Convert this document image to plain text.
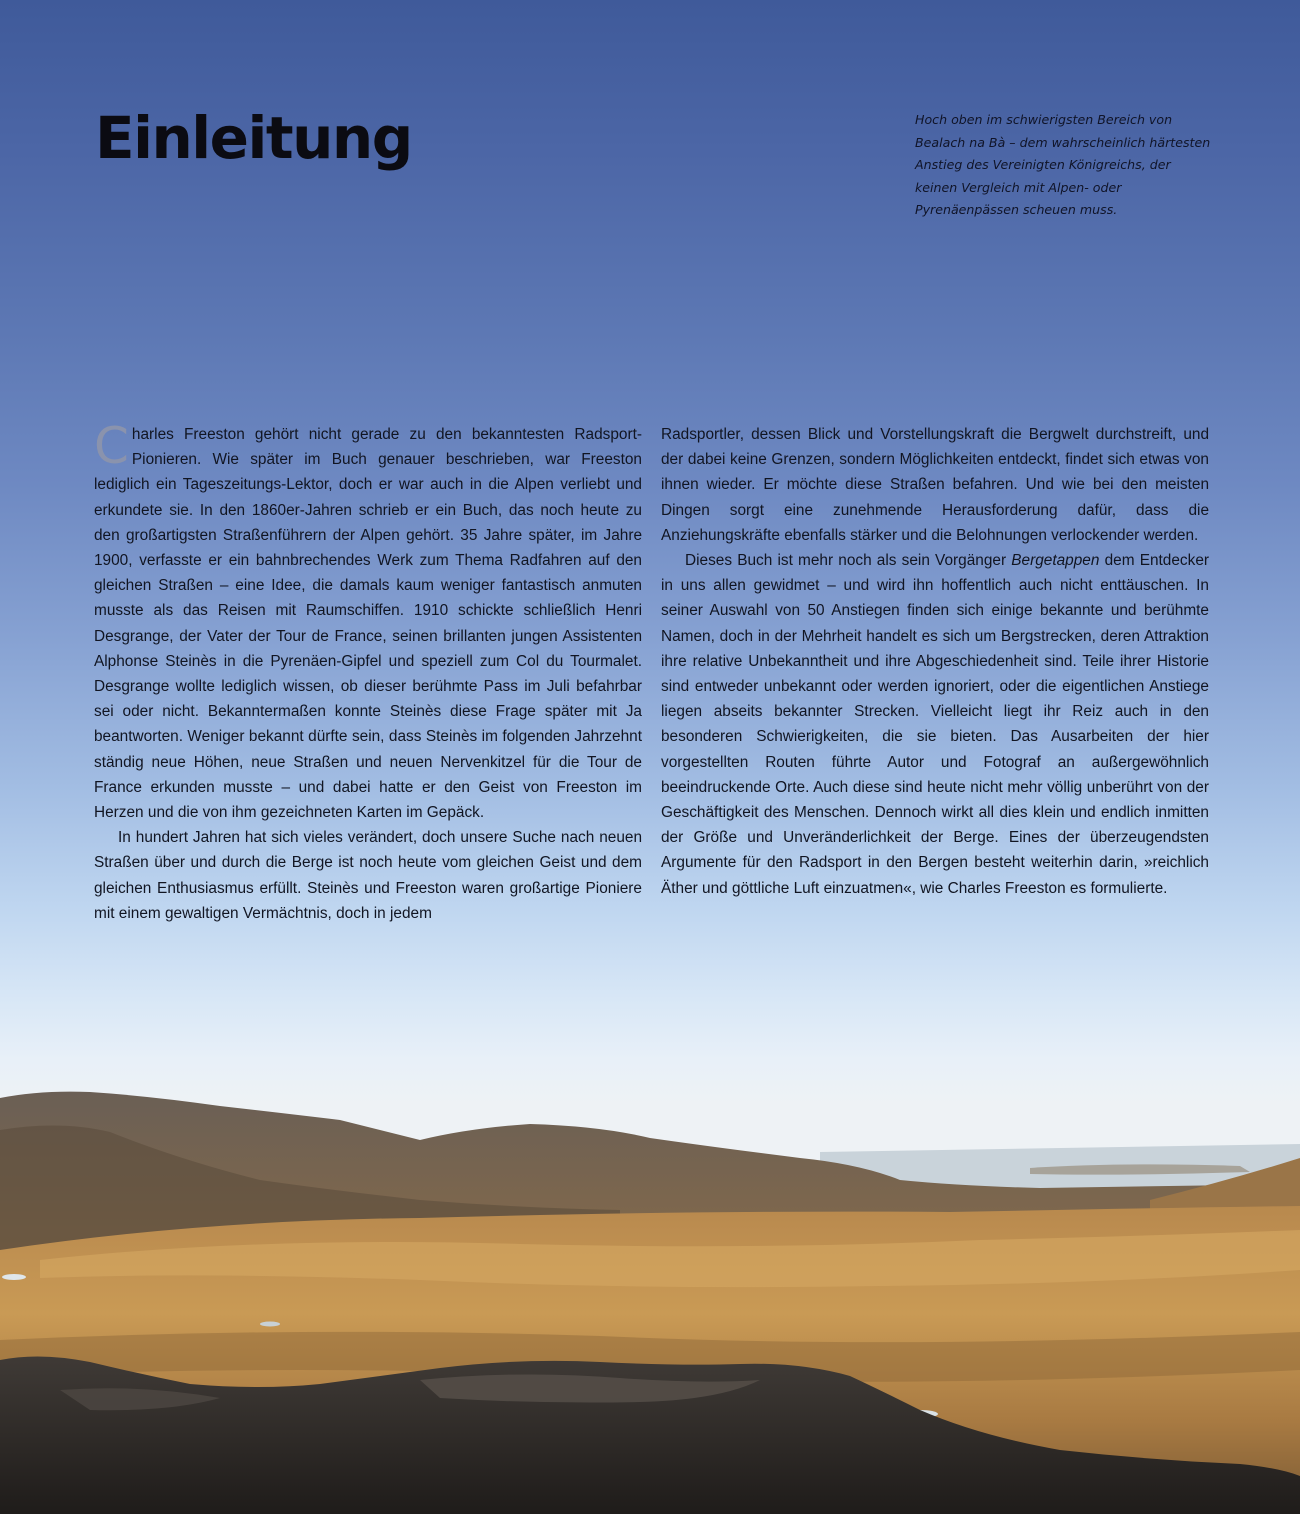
Einleitung	Hoch oben im schwierigsten Bereich von Bealach na Bà – dem wahrscheinlich härtesten Anstieg des Vereinigten Königreichs, der keinen Vergleich mit Alpen- oder Pyrenäenpässen scheuen muss.

Charles Freeston gehört nicht gerade zu den bekanntesten Radsport-Pionieren. Wie später im Buch genauer beschrieben, war Freeston lediglich ein Tageszeitungs-Lektor, doch er war auch in die Alpen verliebt und erkundete sie. In den 1860er-Jahren schrieb er ein Buch, das noch heute zu den großartigsten Straßenführern der Alpen gehört. 35 Jahre später, im Jahre 1900, verfasste er ein bahnbrechendes Werk zum Thema Radfahren auf den gleichen Straßen – eine Idee, die damals kaum weniger fantastisch anmuten musste als das Reisen mit Raumschiffen. 1910 schickte schließlich Henri Desgrange, der Vater der Tour de France, seinen brillanten jungen Assistenten Alphonse Steinès in die Pyrenäen-Gipfel und speziell zum Col du Tourmalet. Desgrange wollte lediglich wissen, ob dieser berühmte Pass im Juli befahrbar sei oder nicht. Bekanntermaßen konnte Steinès diese Frage später mit Ja beantworten. Weniger bekannt dürfte sein, dass Steinès im folgenden Jahrzehnt ständig neue Höhen, neue Straßen und neuen Nervenkitzel für die Tour de France erkunden musste – und dabei hatte er den Geist von Freeston im Herzen und die von ihm gezeichneten Karten im Gepäck.

In hundert Jahren hat sich vieles verändert, doch unsere Suche nach neuen Straßen über und durch die Berge ist noch heute vom gleichen Geist und dem gleichen Enthusiasmus erfüllt. Steinès und Freeston waren großartige Pioniere mit einem gewaltigen Vermächtnis, doch in jedem

Radsportler, dessen Blick und Vorstellungskraft die Bergwelt durchstreift, und der dabei keine Grenzen, sondern Möglichkeiten entdeckt, findet sich etwas von ihnen wieder. Er möchte diese Straßen befahren. Und wie bei den meisten Dingen sorgt eine zunehmende Herausforderung dafür, dass die Anziehungskräfte ebenfalls stärker und die Belohnungen verlockender werden.

Dieses Buch ist mehr noch als sein Vorgänger Bergetappen dem Entdecker in uns allen gewidmet – und wird ihn hoffentlich auch nicht enttäuschen. In seiner Auswahl von 50 Anstiegen finden sich einige bekannte und berühmte Namen, doch in der Mehrheit handelt es sich um Bergstrecken, deren Attraktion ihre relative Unbekanntheit und ihre Abgeschiedenheit sind. Teile ihrer Historie sind entweder unbekannt oder werden ignoriert, oder die eigentlichen Anstiege liegen abseits bekannter Strecken. Vielleicht liegt ihr Reiz auch in den besonderen Schwierigkeiten, die sie bieten. Das Ausarbeiten der hier vorgestellten Routen führte Autor und Fotograf an außergewöhnlich beeindruckende Orte. Auch diese sind heute nicht mehr völlig unberührt von der Geschäftigkeit des Menschen. Dennoch wirkt all dies klein und endlich inmitten der Größe und Unveränderlichkeit der Berge. Eines der überzeugendsten Argumente für den Radsport in den Bergen besteht weiterhin darin, »reichlich Äther und göttliche Luft einzuatmen«, wie Charles Freeston es formulierte.
